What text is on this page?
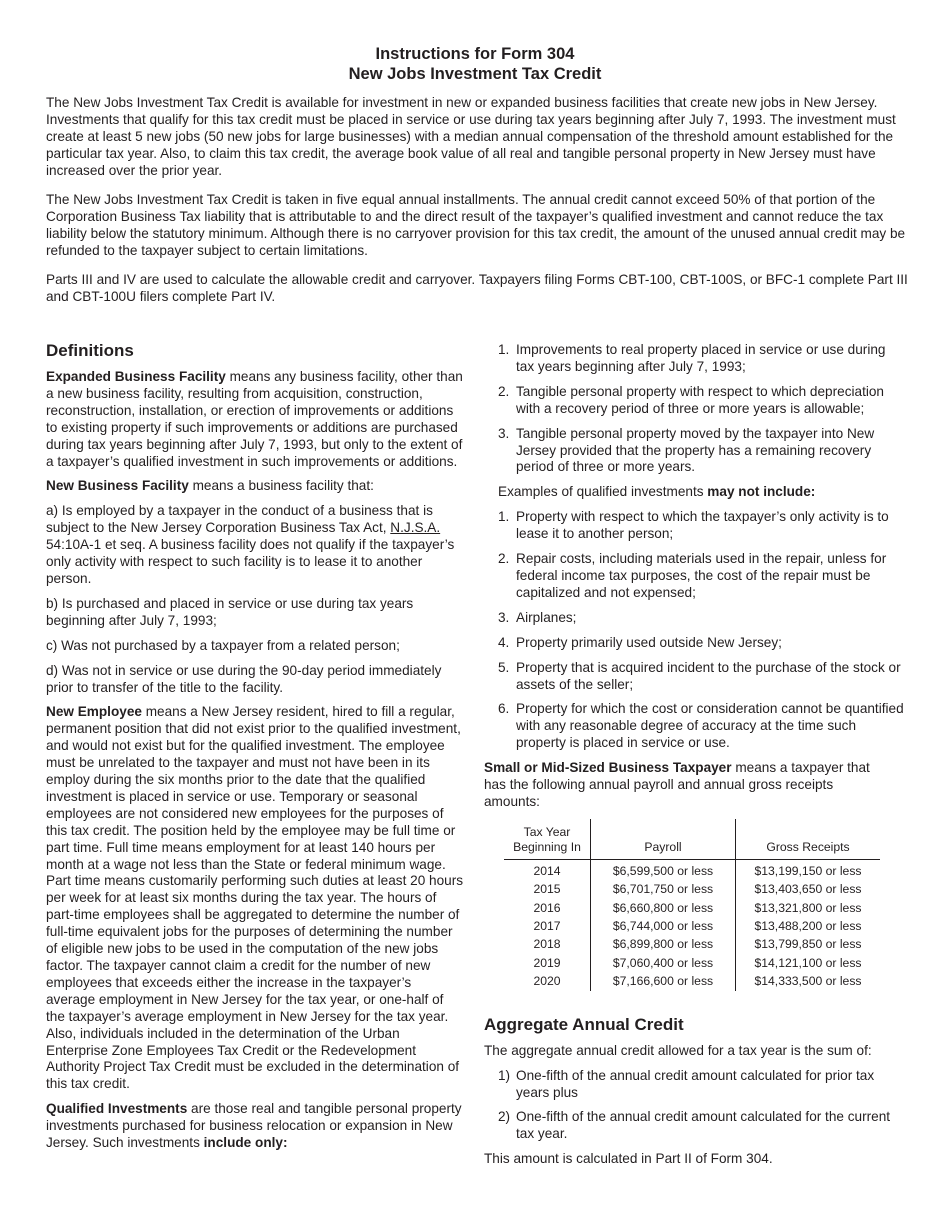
Instructions for Form 304
New Jobs Investment Tax Credit

The New Jobs Investment Tax Credit is available for investment in new or expanded business facilities that create new jobs in New Jersey. Investments that qualify for this tax credit must be placed in service or use during tax years beginning after July 7, 1993. The investment must create at least 5 new jobs (50 new jobs for large businesses) with a median annual compensation of the threshold amount established for the particular tax year. Also, to claim this tax credit, the average book value of all real and tangible personal property in New Jersey must have increased over the prior year.

The New Jobs Investment Tax Credit is taken in five equal annual installments. The annual credit cannot exceed 50% of that portion of the Corporation Business Tax liability that is attributable to and the direct result of the taxpayer’s qualified investment and cannot reduce the tax liability below the statutory minimum. Although there is no carryover provision for this tax credit, the amount of the unused annual credit may be refunded to the taxpayer subject to certain limitations.

Parts III and IV are used to calculate the allowable credit and carryover. Taxpayers filing Forms CBT-100, CBT-100S, or BFC-1 complete Part III and CBT-100U filers complete Part IV.

Definitions

Expanded Business Facility means any business facility, other than a new business facility, resulting from acquisition, construction, reconstruction, installation, or erection of improvements or additions to existing property if such improvements or additions are purchased during tax years beginning after July 7, 1993, but only to the extent of a taxpayer’s qualified investment in such improvements or additions.

New Business Facility means a business facility that:

a) Is employed by a taxpayer in the conduct of a business that is subject to the New Jersey Corporation Business Tax Act, N.J.S.A. 54:10A-1 et seq. A business facility does not qualify if the taxpayer’s only activity with respect to such facility is to lease it to another person.

b) Is purchased and placed in service or use during tax years beginning after July 7, 1993;

c) Was not purchased by a taxpayer from a related person;

d) Was not in service or use during the 90-day period immediately prior to transfer of the title to the facility.

New Employee means a New Jersey resident, hired to fill a regular, permanent position that did not exist prior to the qualified investment, and would not exist but for the qualified investment. The employee must be unrelated to the taxpayer and must not have been in its employ during the six months prior to the date that the qualified investment is placed in service or use. Temporary or seasonal employees are not considered new employees for the purposes of this tax credit. The position held by the employee may be full time or part time. Full time means employment for at least 140 hours per month at a wage not less than the State or federal minimum wage. Part time means customarily performing such duties at least 20 hours per week for at least six months during the tax year. The hours of part-time employees shall be aggregated to determine the number of full-time equivalent jobs for the purposes of determining the number of eligible new jobs to be used in the computation of the new jobs factor. The taxpayer cannot claim a credit for the number of new employees that exceeds either the increase in the taxpayer’s average employment in New Jersey for the tax year, or one-half of the taxpayer’s average employment in New Jersey for the tax year. Also, individuals included in the determination of the Urban Enterprise Zone Employees Tax Credit or the Redevelopment Authority Project Tax Credit must be excluded in the determination of this tax credit.

Qualified Investments are those real and tangible personal property investments purchased for business relocation or expansion in New Jersey. Such investments include only:

1. Improvements to real property placed in service or use during tax years beginning after July 7, 1993;
2. Tangible personal property with respect to which depreciation with a recovery period of three or more years is allowable;
3. Tangible personal property moved by the taxpayer into New Jersey provided that the property has a remaining recovery period of three or more years.

Examples of qualified investments may not include:

1. Property with respect to which the taxpayer’s only activity is to lease it to another person;
2. Repair costs, including materials used in the repair, unless for federal income tax purposes, the cost of the repair must be capitalized and not expensed;
3. Airplanes;
4. Property primarily used outside New Jersey;
5. Property that is acquired incident to the purchase of the stock or assets of the seller;
6. Property for which the cost or consideration cannot be quantified with any reasonable degree of accuracy at the time such property is placed in service or use.

Small or Mid-Sized Business Taxpayer means a taxpayer that has the following annual payroll and annual gross receipts amounts:

Tax Year Beginning In	Payroll	Gross Receipts
2014	$6,599,500 or less	$13,199,150 or less
2015	$6,701,750 or less	$13,403,650 or less
2016	$6,660,800 or less	$13,321,800 or less
2017	$6,744,000 or less	$13,488,200 or less
2018	$6,899,800 or less	$13,799,850 or less
2019	$7,060,400 or less	$14,121,100 or less
2020	$7,166,600 or less	$14,333,500 or less
Aggregate Annual Credit

The aggregate annual credit allowed for a tax year is the sum of:

1) One-fifth of the annual credit amount calculated for prior tax years plus
2) One-fifth of the annual credit amount calculated for the current tax year.

This amount is calculated in Part II of Form 304.
